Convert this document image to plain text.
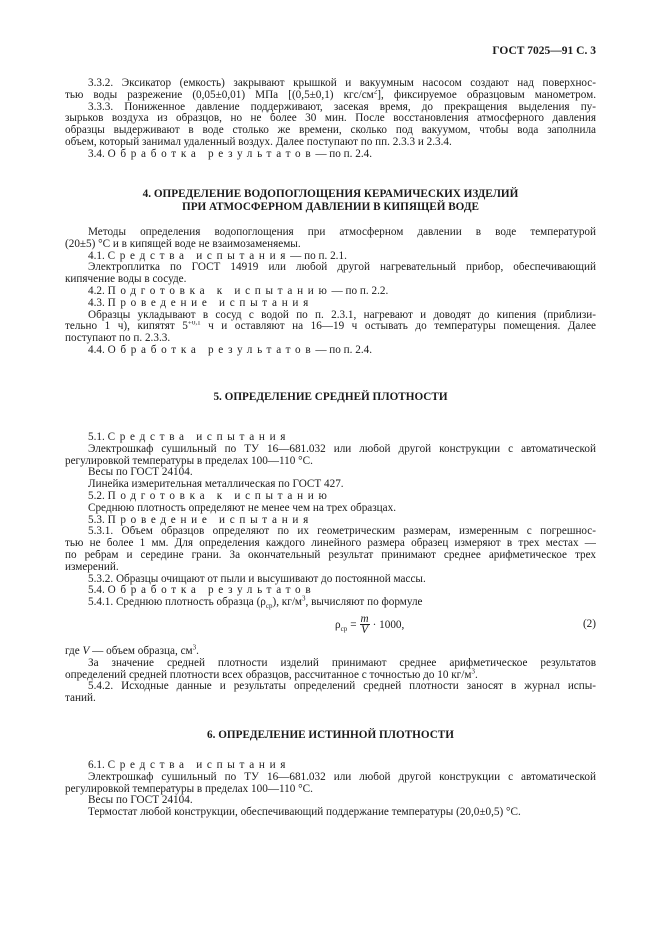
ГОСТ 7025—91 С. 3
3.3.2. Эксикатор (емкость) закрывают крышкой и вакуумным насосом создают над поверхнос-
тью воды разрежение (0,05±0,01) МПа [(0,5±0,1) кгс/$см^2$], фиксируемое образцовым манометром.
3.3.3. Пониженное давление поддерживают, засекая время, до прекращения выделения пу-
зырьков воздуха из образцов, но не более 30 мин. После восстановления атмосферного давления
образцы выдерживают в воде столько же времени, сколько под вакуумом, чтобы вода заполнила
объем, который занимал удаленный воздух. Далее поступают по пп. 2.3.3 и 2.3.4.
3.4. Обработка результатов— по п. 2.4.
4. ОПРЕДЕЛЕНИЕ ВОДОПОГЛОЩЕНИЯ КЕРАМИЧЕСКИХ ИЗДЕЛИЙ
ПРИ АТМОСФЕРНОМ ДАВЛЕНИИ В КИПЯЩЕЙ ВОДЕ
Методы определения водопоглощения при атмосферном давлении в воде температурой
(20±5) °С и в кипящей воде не взаимозаменяемы.
4.1. Средства испытания— по п. 2.1.
Электроплитка по ГОСТ 14919 или любой другой нагревательный прибор, обеспечивающий
кипячение воды в сосуде.
4.2. Подготовка к испытанию— по п. 2.2.
4.3. Проведение испытания
Образцы укладывают в сосуд с водой по п. 2.3.1, нагревают и доводят до кипения (приблизи-
тельно 1 ч), кипятят $5^{+0,1}$ ч и оставляют на 16—19 ч остывать до температуры помещения. Далее
поступают по п. 2.3.3.
4.4. Обработка результатов— по п. 2.4.
5. ОПРЕДЕЛЕНИЕ СРЕДНЕЙ ПЛОТНОСТИ
5.1. Средства испытания
Электрошкаф сушильный по ТУ 16—681.032 или любой другой конструкции с автоматической
регулировкой температуры в пределах 100—110 °С.
Весы по ГОСТ 24104.
Линейка измерительная металлическая по ГОСТ 427.
5.2. Подготовка к испытанию
Среднюю плотность определяют не менее чем на трех образцах.
5.3. Проведение испытания
5.3.1. Объем образцов определяют по их геометрическим размерам, измеренным с погрешнос-
тью не более 1 мм. Для определения каждого линейного размера образец измеряют в трех местах —
по ребрам и середине грани. За окончательный результат принимают среднее арифметическое трех
измерений.
5.3.2. Образцы очищают от пыли и высушивают до постоянной массы.
5.4. Обработка результатов
5.4.1. Среднюю плотность образца $(\rho_{ср})$, $кг/м^3$, вычисляют по формуле
$\rho_{ср} = \frac{m}{V} \cdot 1000$,	(2)
где V — объем образца, $см^3$.
За значение средней плотности изделий принимают среднее арифметическое результатов
определений средней плотности всех образцов, рассчитанное с точностью до 10 $кг/м^3$.
5.4.2. Исходные данные и результаты определений средней плотности заносят в журнал испы-
таний.
6. ОПРЕДЕЛЕНИЕ ИСТИННОЙ ПЛОТНОСТИ
6.1. Средства испытания
Электрошкаф сушильный по ТУ 16—681.032 или любой другой конструкции с автоматической
регулировкой температуры в пределах 100—110 °С.
Весы по ГОСТ 24104.
Термостат любой конструкции, обеспечивающий поддержание температуры (20,0±0,5) °С.
